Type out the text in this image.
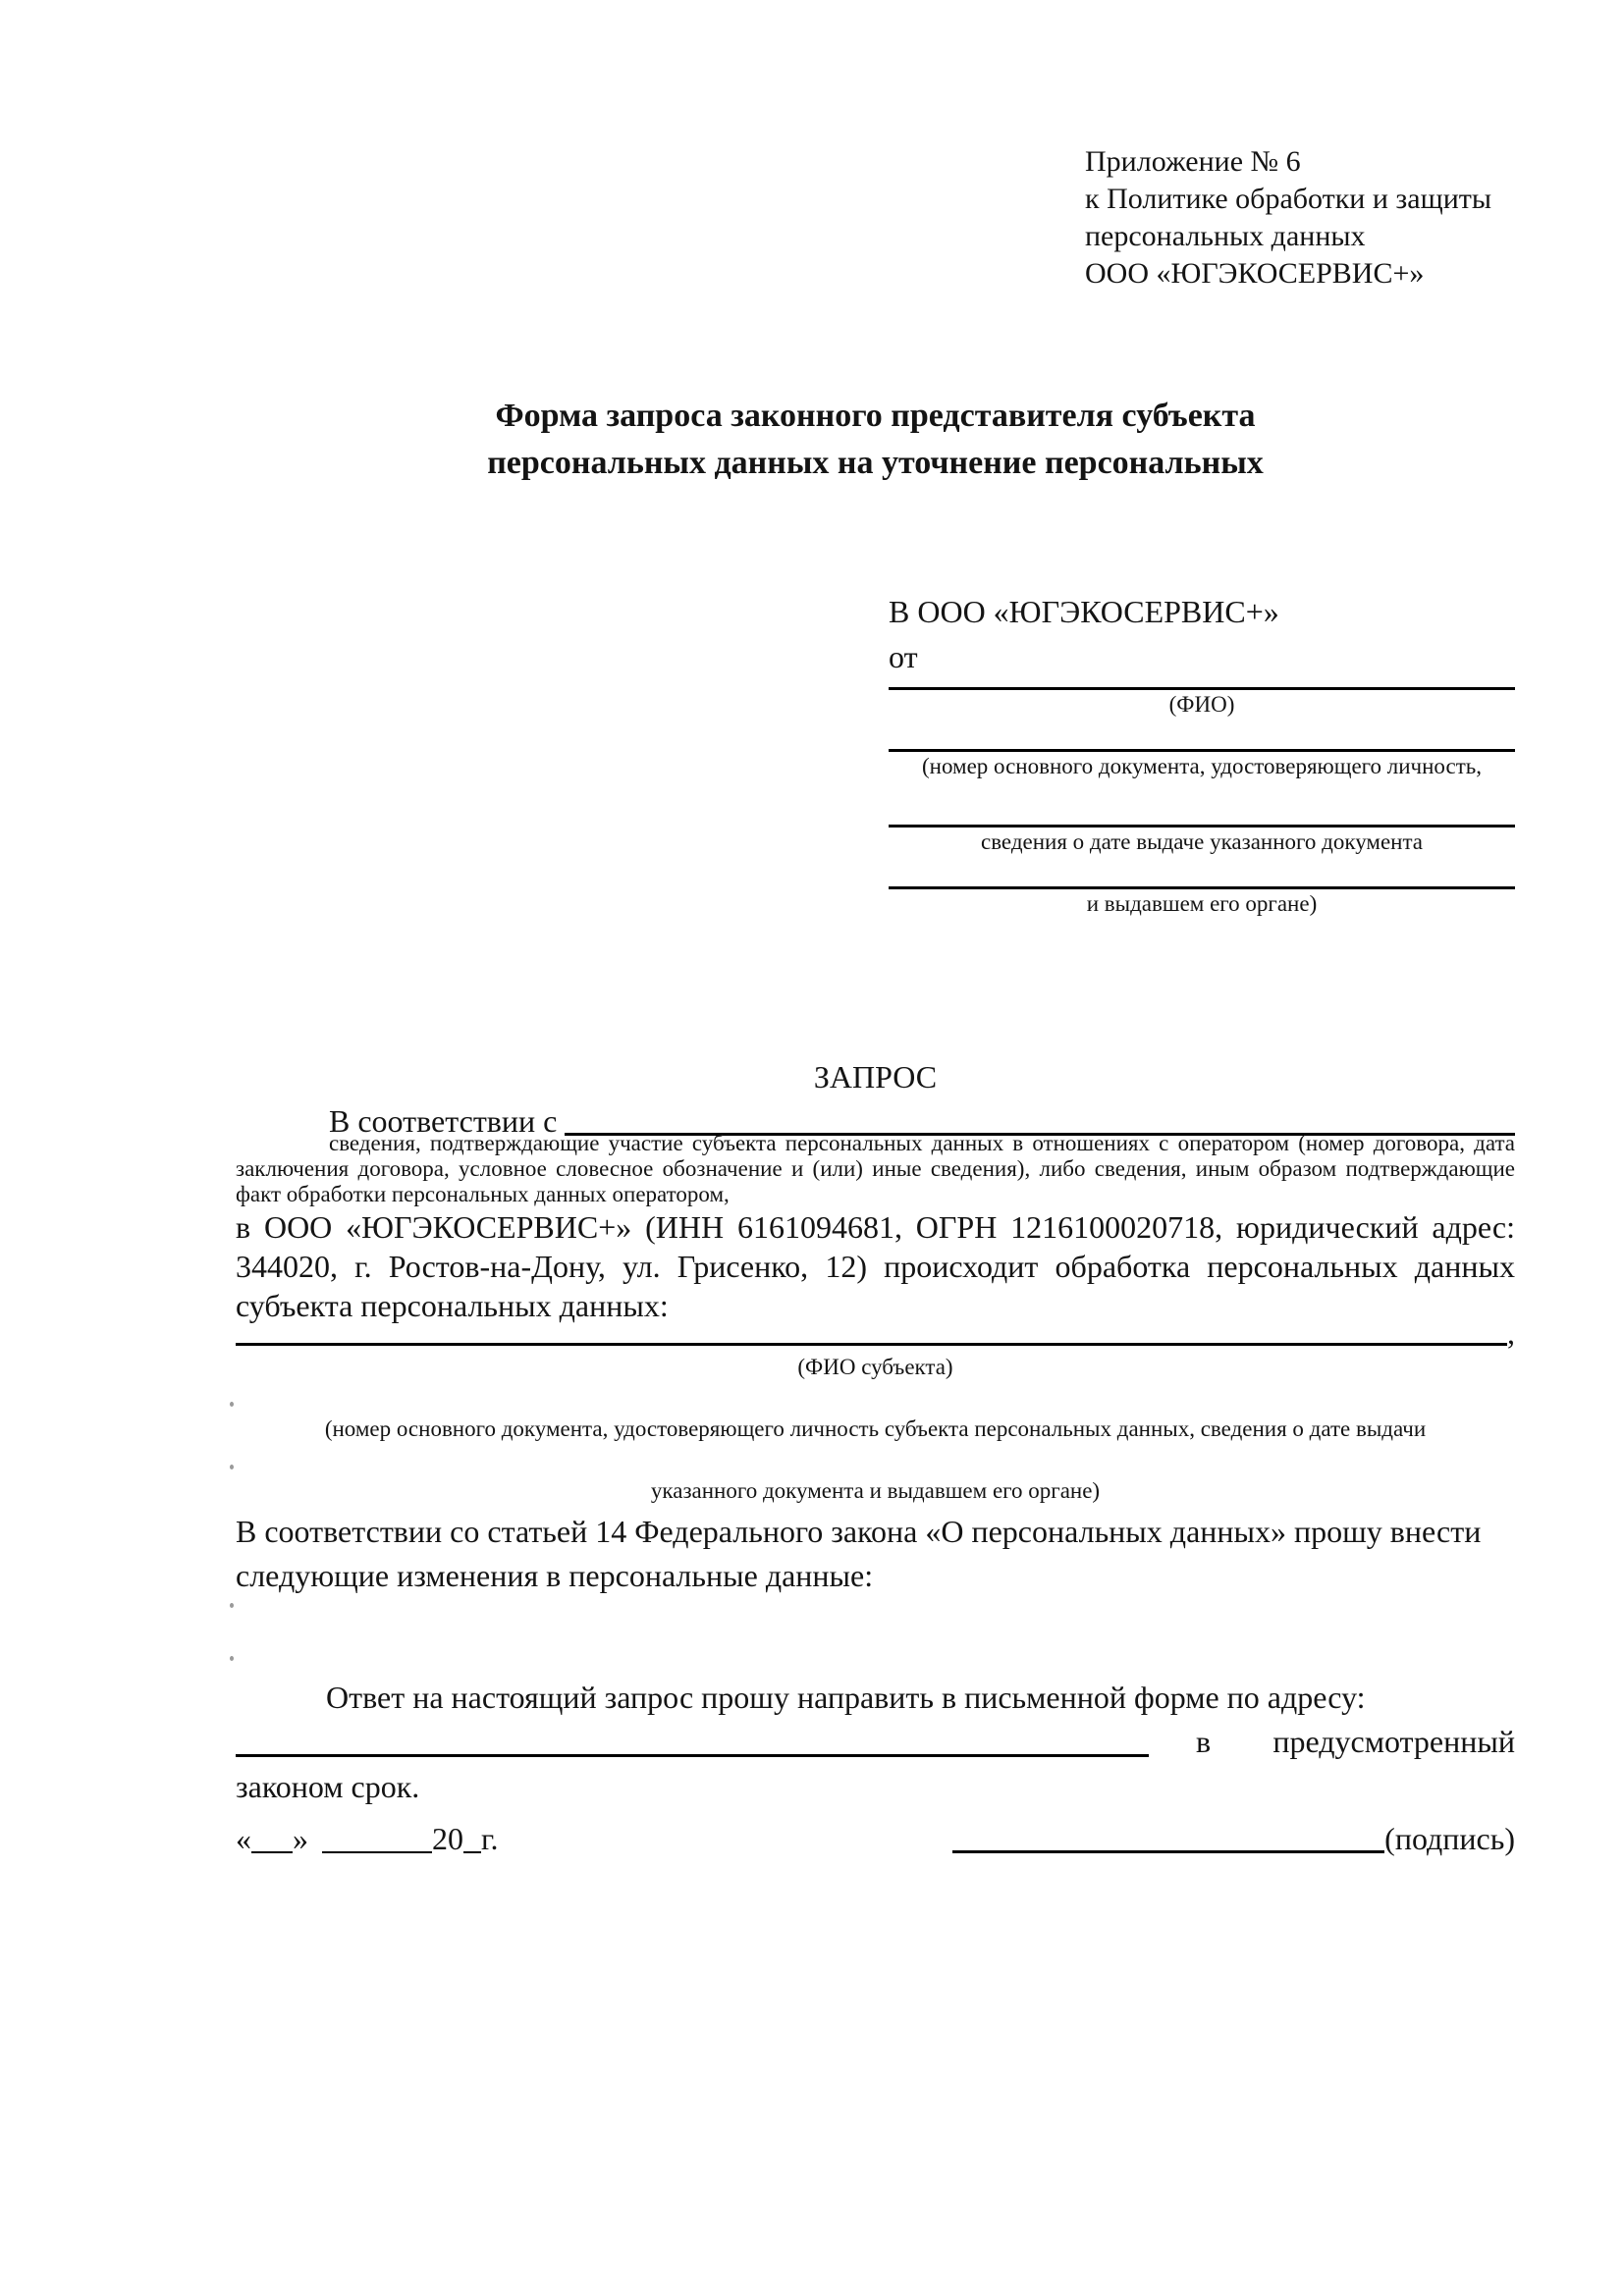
Приложение № 6
к Политике обработки и защиты
персональных данных
ООО «ЮГЭКОСЕРВИС+»
Форма запроса законного представителя субъекта
персональных данных на уточнение персональных
В ООО «ЮГЭКОСЕРВИС+»
от
(ФИО)
(номер основного документа, удостоверяющего личность,
сведения о дате выдаче указанного документа
и выдавшем его органе)
ЗАПРОС
В соответствии с
сведения, подтверждающие участие субъекта персональных данных в отношениях с оператором (номер договора, дата заключения договора, условное словесное обозначение и (или) иные сведения), либо сведения, иным образом подтверждающие факт обработки персональных данных оператором,
в ООО «ЮГЭКОСЕРВИС+» (ИНН 6161094681, ОГРН 1216100020718, юридический адрес: 344020, г. Ростов-на-Дону, ул. Грисенко, 12) происходит обработка персональных данных субъекта персональных данных:
,
(ФИО субъекта)
(номер основного документа, удостоверяющего личность субъекта персональных данных, сведения о дате выдачи
указанного документа и выдавшем его органе)
В соответствии со статьей 14 Федерального закона «О персональных данных» прошу внести следующие изменения в персональные данные:
Ответ на настоящий запрос прошу направить в письменной форме по адресу:
в предусмотренный
законом срок.
« »	20 г.	(подпись)
